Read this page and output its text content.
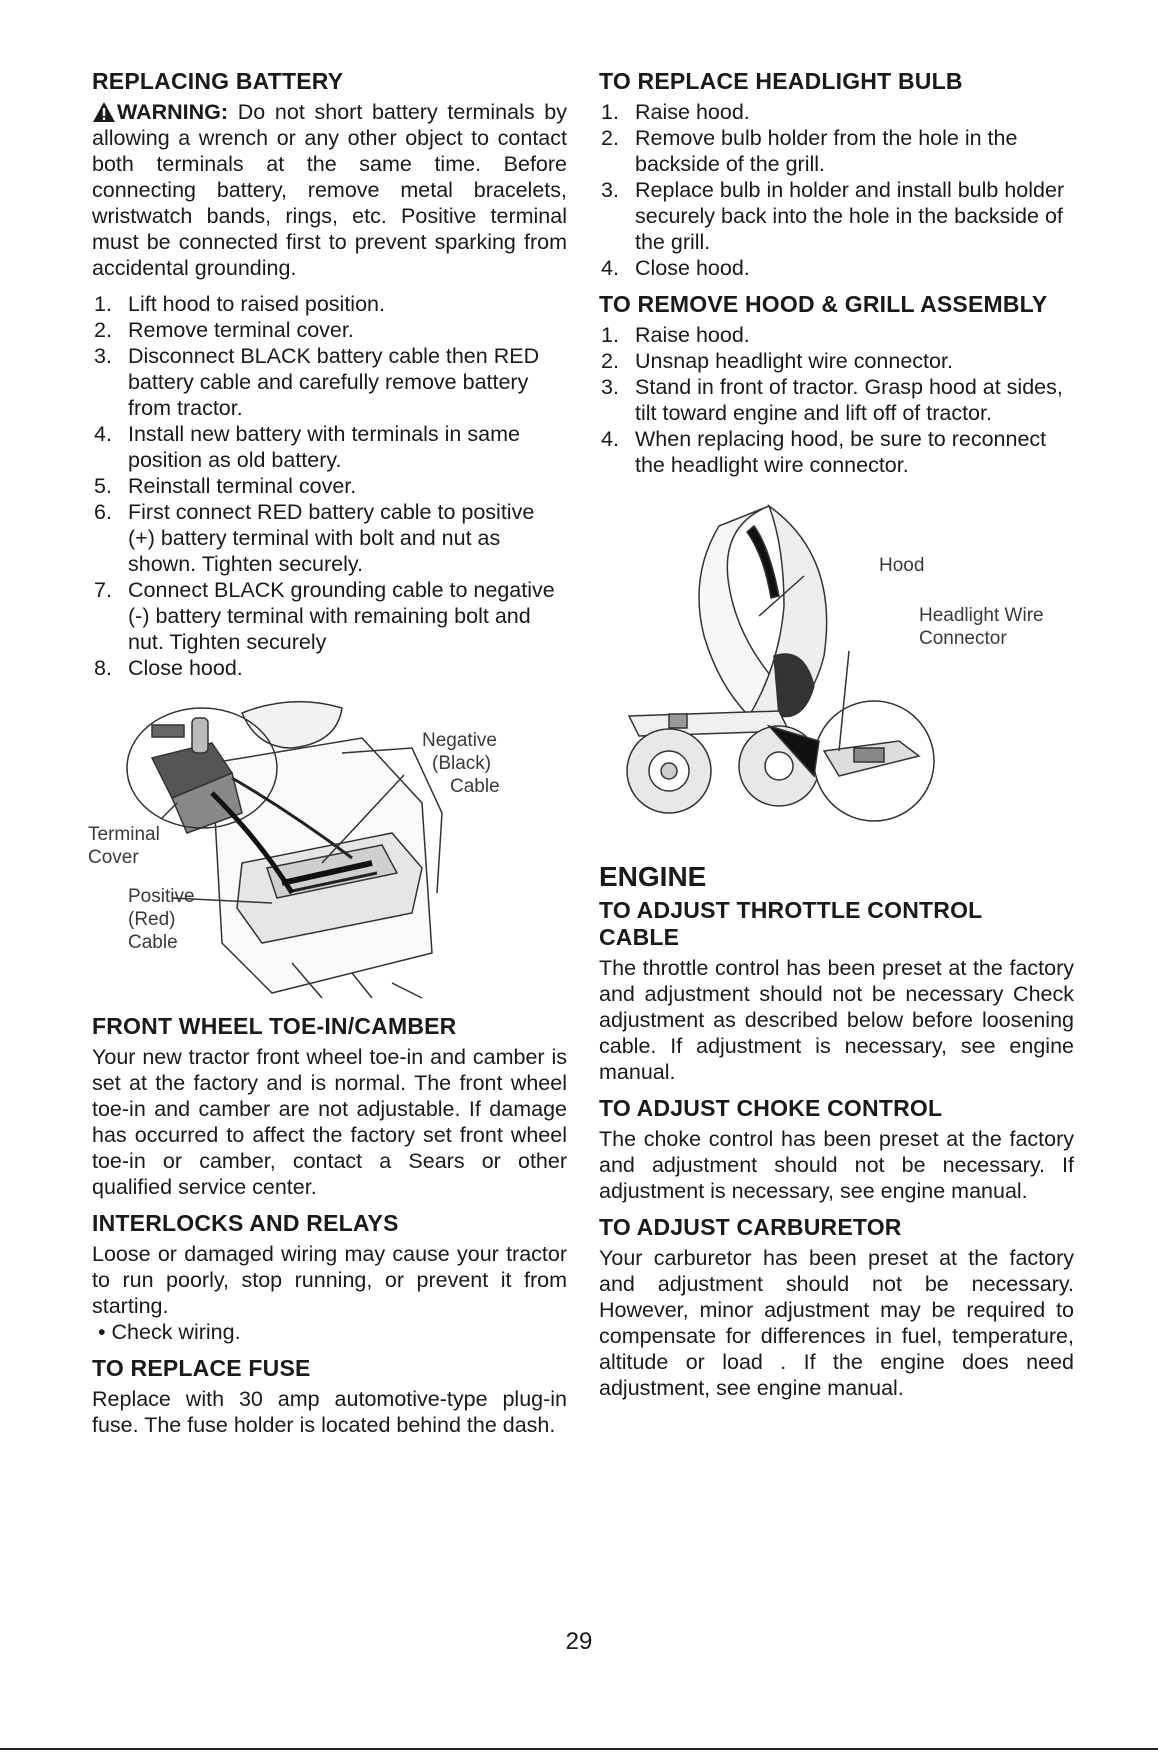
REPLACING BATTERY

WARNING: Do not short battery terminals by allowing a wrench or any other object to contact both terminals at the same time. Before connecting battery, remove metal bracelets, wristwatch bands, rings, etc. Positive terminal must be connected first to prevent sparking from accidental grounding.

1. Lift hood to raised position.
2. Remove terminal cover.
3. Disconnect BLACK battery cable then RED battery cable and carefully remove battery from tractor.
4. Install new battery with terminals in same position as old battery.
5. Reinstall terminal cover.
6. First connect RED battery cable to positive (+) battery terminal with bolt and nut as shown. Tighten securely.
7. Connect BLACK grounding cable to negative (-) battery terminal with remaining bolt and nut. Tighten securely
8. Close hood.
Negative
(Black)
Cable
Terminal
Cover
Positive
(Red)
Cable
FRONT WHEEL TOE-IN/CAMBER

Your new tractor front wheel toe-in and camber is set at the factory and is normal. The front wheel toe-in and camber are not adjustable. If damage has occurred to affect the factory set front wheel toe-in or camber, contact a Sears or other qualified service center.

INTERLOCKS AND RELAYS

Loose or damaged wiring may cause your tractor to run poorly, stop running, or prevent it from starting.

• Check wiring.
TO REPLACE FUSE

Replace with 30 amp automotive-type plug-in fuse. The fuse holder is located behind the dash.

TO REPLACE HEADLIGHT BULB
1. Raise hood.
2. Remove bulb holder from the hole in the backside of the grill.
3. Replace bulb in holder and install bulb holder securely back into the hole in the backside of the grill.
4. Close hood.
TO REMOVE HOOD & GRILL ASSEMBLY
1. Raise hood.
2. Unsnap headlight wire connector.
3. Stand in front of tractor. Grasp hood at sides, tilt toward engine and lift off of tractor.
4. When replacing hood, be sure to reconnect the headlight wire connector.
Hood
Headlight Wire
Connector
ENGINE
TO ADJUST THROTTLE CONTROL
CABLE

The throttle control has been preset at the factory and adjustment should not be necessary Check adjustment as described below before loosening cable. If adjustment is necessary, see engine manual.

TO ADJUST CHOKE CONTROL

The choke control has been preset at the factory and adjustment should not be necessary. If adjustment is necessary, see engine manual.

TO ADJUST CARBURETOR

Your carburetor has been preset at the factory and adjustment should not be necessary. However, minor adjustment may be required to compensate for differences in fuel, temperature, altitude or load . If the engine does need adjustment, see engine manual.

29
